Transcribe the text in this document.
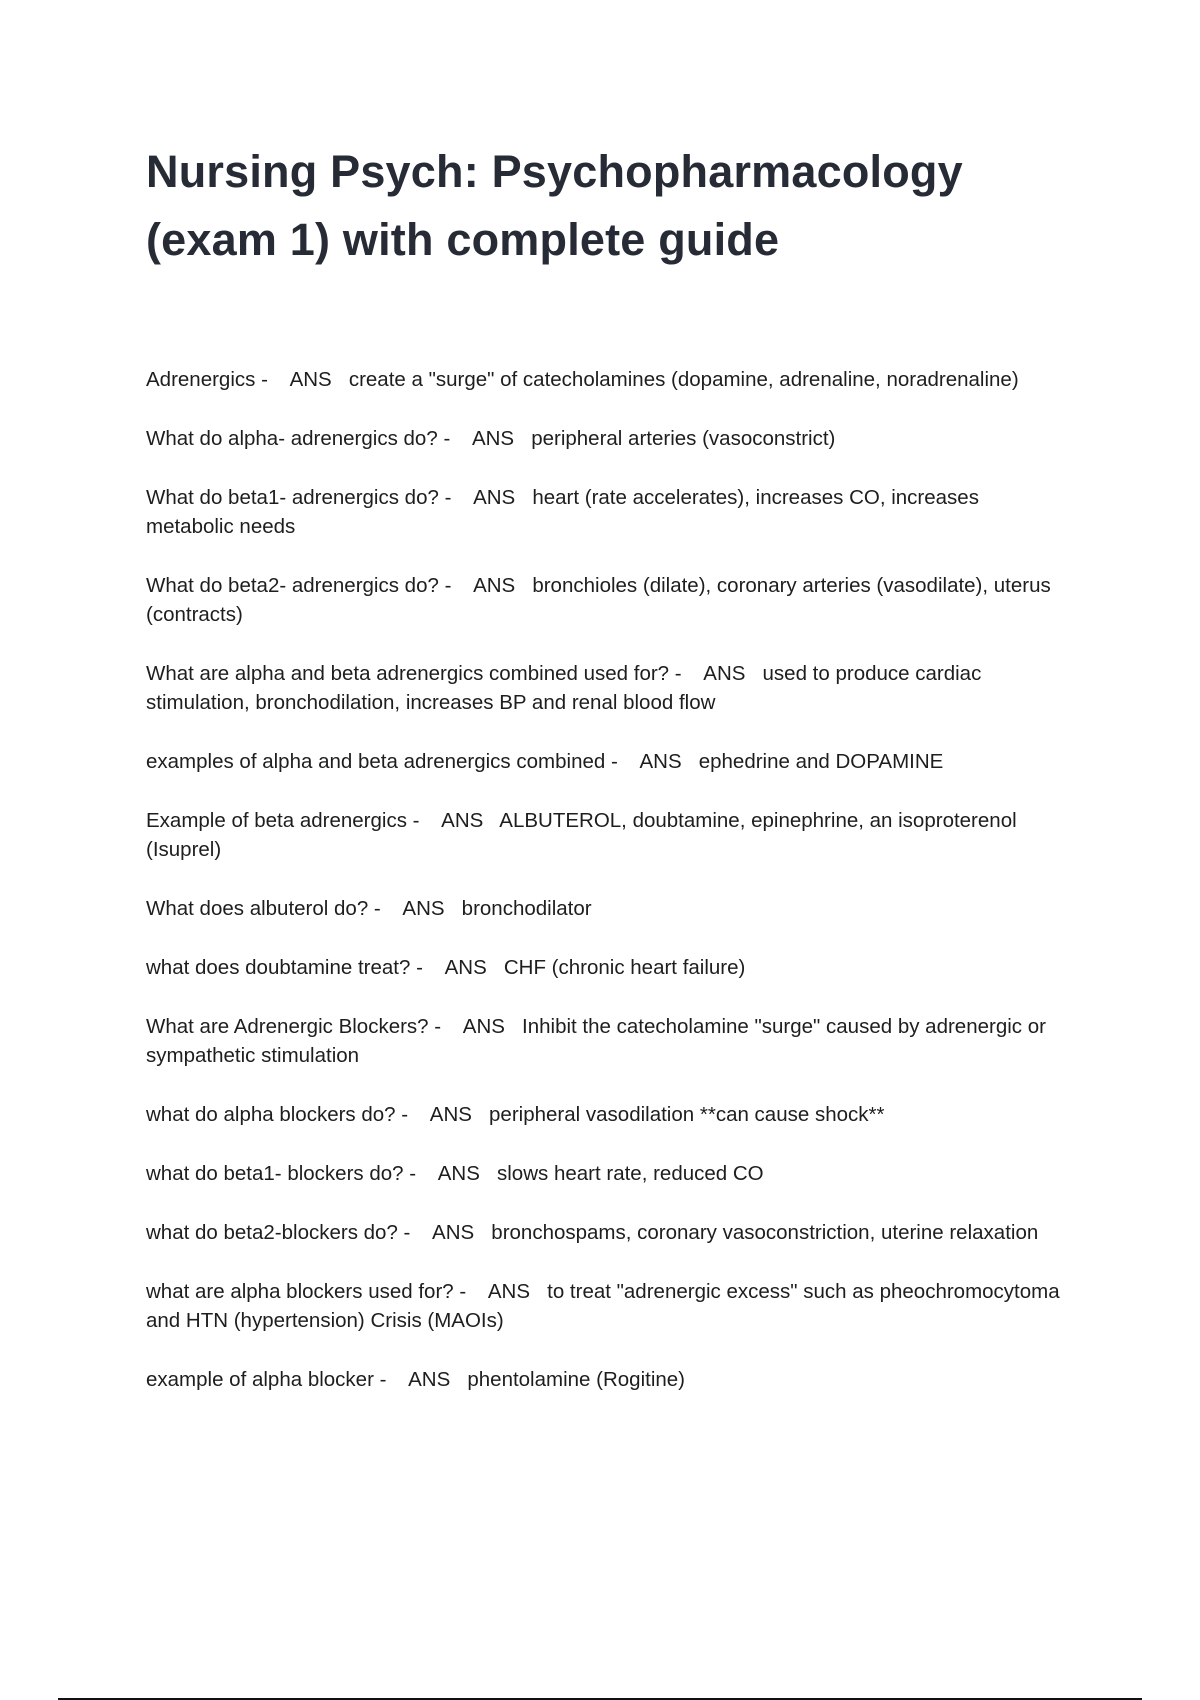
Nursing Psych: Psychopharmacology
(exam 1) with complete guide
Adrenergics -    ANS create a "surge" of catecholamines (dopamine, adrenaline, noradrenaline)
What do alpha- adrenergics do? -    ANS peripheral arteries (vasoconstrict)
What do beta1- adrenergics do? -    ANS heart (rate accelerates), increases CO, increases metabolic needs
What do beta2- adrenergics do? -    ANS bronchioles (dilate), coronary arteries (vasodilate), uterus (contracts)
What are alpha and beta adrenergics combined used for? -    ANS used to produce cardiac stimulation, bronchodilation, increases BP and renal blood flow
examples of alpha and beta adrenergics combined -    ANS ephedrine and DOPAMINE
Example of beta adrenergics -    ANS ALBUTEROL, doubtamine, epinephrine, an isoproterenol (Isuprel)
What does albuterol do? -    ANS bronchodilator
what does doubtamine treat? -    ANS CHF (chronic heart failure)
What are Adrenergic Blockers? -    ANS Inhibit the catecholamine "surge" caused by adrenergic or sympathetic stimulation
what do alpha blockers do? -    ANS peripheral vasodilation **can cause shock**
what do beta1- blockers do? -    ANS slows heart rate, reduced CO
what do beta2-blockers do? -    ANS bronchospams, coronary vasoconstriction, uterine relaxation
what are alpha blockers used for? -    ANS to treat "adrenergic excess" such as pheochromocytoma and HTN (hypertension) Crisis (MAOIs)
example of alpha blocker -    ANS phentolamine (Rogitine)
